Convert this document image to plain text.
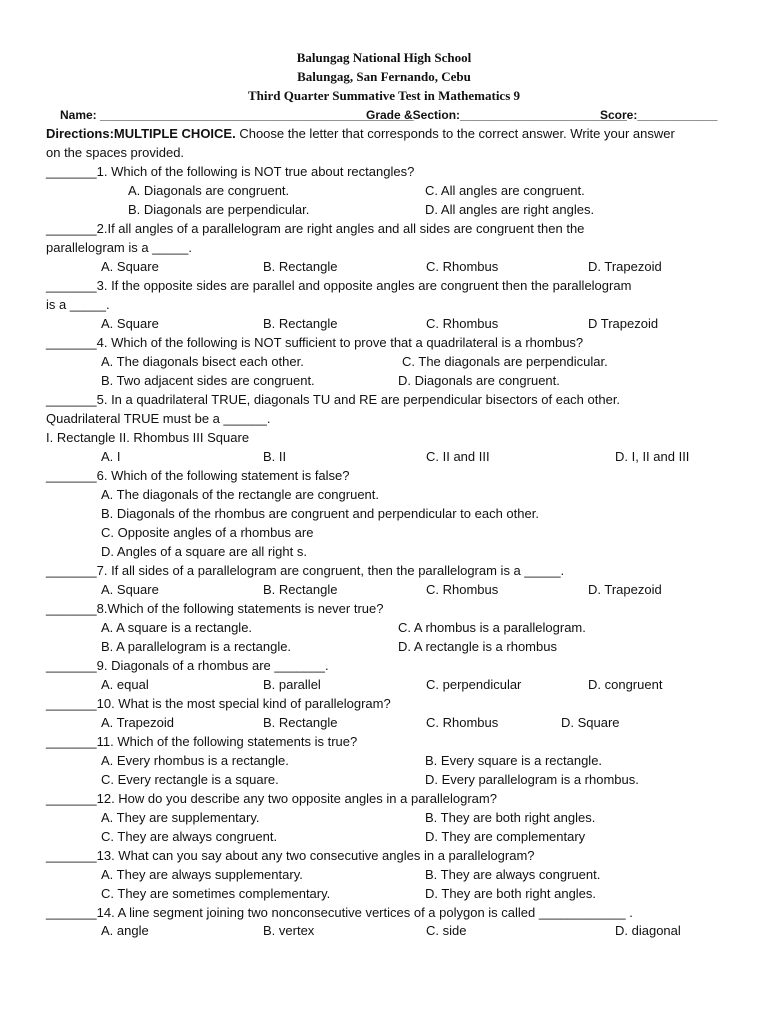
Balungag National High School
Balungag, San Fernando, Cebu
Third Quarter Summative Test in Mathematics 9
Name: _______________________________________________
Grade &Section:_________________________
Score:____________
Directions:MULTIPLE CHOICE. Choose the letter that corresponds to the correct answer. Write your answer
on the spaces provided.
_______1. Which of the following is NOT true about rectangles?
A. Diagonals are congruent.	C. All angles are congruent.
B. Diagonals are perpendicular.	D. All angles are right angles.
_______2.If all angles of a parallelogram are right angles and all sides are congruent then the
parallelogram is a _____.
A. Square	B. Rectangle	C. Rhombus	D. Trapezoid
_______3. If the opposite sides are parallel and opposite angles are congruent then the parallelogram
is a _____.
A. Square	B. Rectangle	C. Rhombus	D Trapezoid
_______4. Which of the following is NOT sufficient to prove that a quadrilateral is a rhombus?
A. The diagonals bisect each other.	C. The diagonals are perpendicular.
B. Two adjacent sides are congruent.	D. Diagonals are congruent.
_______5. In a quadrilateral TRUE, diagonals TU and RE are perpendicular bisectors of each other.
Quadrilateral TRUE must be a ______.
I. Rectangle II. Rhombus III Square
A. I	B. II	C. II and III	D. I, II and III
_______6. Which of the following statement is false?
A. The diagonals of the rectangle are congruent.
B. Diagonals of the rhombus are congruent and perpendicular to each other.
C. Opposite angles of a rhombus are
D. Angles of a square are all right s.
_______7. If all sides of a parallelogram are congruent, then the parallelogram is a _____.
A. Square	B. Rectangle	C. Rhombus	D. Trapezoid
_______8.Which of the following statements is never true?
A. A square is a rectangle.	C. A rhombus is a parallelogram.
B. A parallelogram is a rectangle.	D. A rectangle is a rhombus
_______9. Diagonals of a rhombus are _______.
A. equal	B. parallel	C. perpendicular	D. congruent
_______10. What is the most special kind of parallelogram?
A. Trapezoid	B. Rectangle	C. Rhombus	D. Square
_______11. Which of the following statements is true?
A. Every rhombus is a rectangle.	B. Every square is a rectangle.
C. Every rectangle is a square.	D. Every parallelogram is a rhombus.
_______12. How do you describe any two opposite angles in a parallelogram?
A. They are supplementary.	B. They are both right angles.
C. They are always congruent.	D. They are complementary
_______13. What can you say about any two consecutive angles in a parallelogram?
A. They are always supplementary.	B. They are always congruent.
C. They are sometimes complementary.	D. They are both right angles.
_______14. A line segment joining two nonconsecutive vertices of a polygon is called ____________ .
A. angle	B. vertex	C. side	D. diagonal
